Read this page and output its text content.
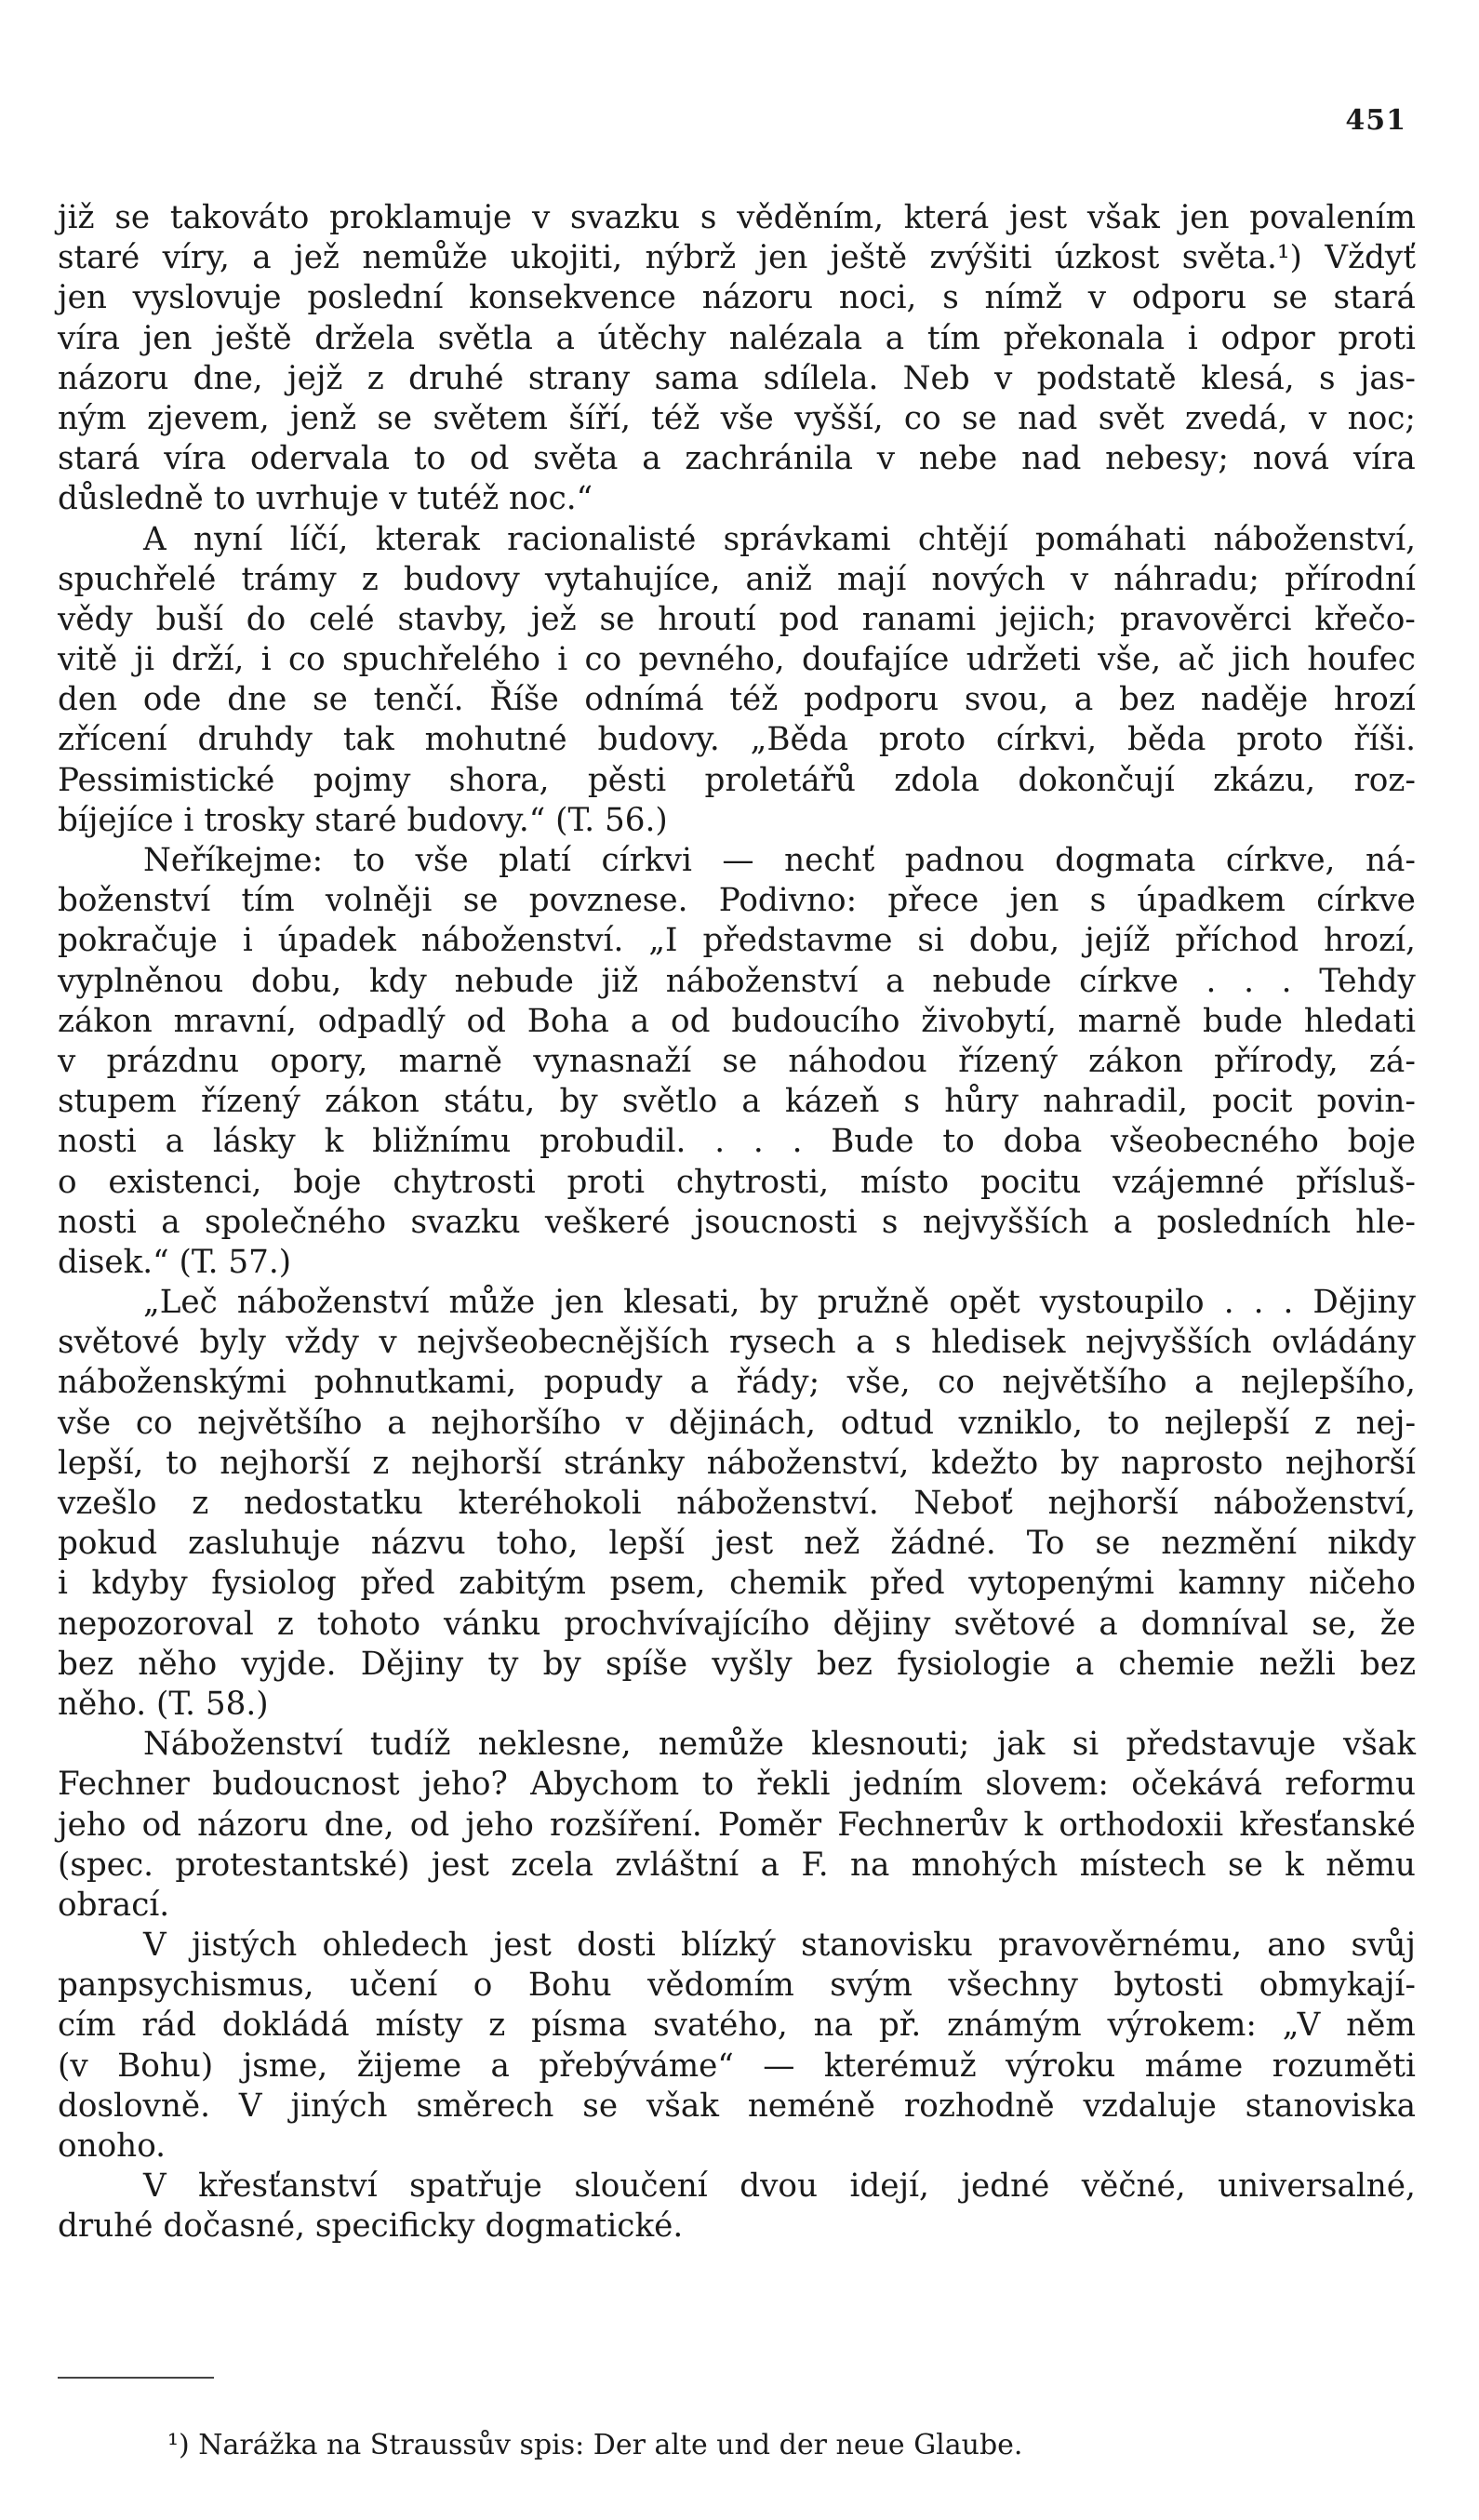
451
již se takováto proklamuje v svazku s věděním, která jest však jen povalením
staré víry, a jež nemůže ukojiti, nýbrž jen ještě zvýšiti úzkost světa.¹) Vždyť
jen vyslovuje poslední konsekvence názoru noci, s nímž v odporu se stará
víra jen ještě držela světla a útěchy nalézala a tím překonala i odpor proti
názoru dne, jejž z druhé strany sama sdílela. Neb v podstatě klesá, s jas-
ným zjevem, jenž se světem šíří, též vše vyšší, co se nad svět zvedá, v noc;
stará víra odervala to od světa a zachránila v nebe nad nebesy; nová víra
důsledně to uvrhuje v tutéž noc.“
A nyní líčí, kterak racionalisté správkami chtějí pomáhati náboženství,
spuchřelé trámy z budovy vytahujíce, aniž mají nových v náhradu; přírodní
vědy buší do celé stavby, jež se hroutí pod ranami jejich; pravověrci křečo-
vitě ji drží, i co spuchřelého i co pevného, doufajíce udržeti vše, ač jich houfec
den ode dne se tenčí. Říše odnímá též podporu svou, a bez naděje hrozí
zřícení druhdy tak mohutné budovy. „Běda proto církvi, běda proto říši.
Pessimistické pojmy shora, pěsti proletářů zdola dokončují zkázu, roz-
bíjejíce i trosky staré budovy.“ (T. 56.)
Neříkejme: to vše platí církvi — nechť padnou dogmata církve, ná-
boženství tím volněji se povznese. Podivno: přece jen s úpadkem církve
pokračuje i úpadek náboženství. „I představme si dobu, jejíž příchod hrozí,
vyplněnou dobu, kdy nebude již náboženství a nebude církve . . . Tehdy
zákon mravní, odpadlý od Boha a od budoucího živobytí, marně bude hledati
v prázdnu opory, marně vynasnaží se náhodou řízený zákon přírody, zá-
stupem řízený zákon státu, by světlo a kázeň s hůry nahradil, pocit povin-
nosti a lásky k bližnímu probudil. . . . Bude to doba všeobecného boje
o existenci, boje chytrosti proti chytrosti, místo pocitu vzájemné přísluš-
nosti a společného svazku veškeré jsoucnosti s nejvyšších a posledních hle-
disek.“ (T. 57.)
„Leč náboženství může jen klesati, by pružně opět vystoupilo . . . Dějiny
světové byly vždy v nejvšeobecnějších rysech a s hledisek nejvyšších ovládány
náboženskými pohnutkami, popudy a řády; vše, co největšího a nejlepšího,
vše co největšího a nejhoršího v dějinách, odtud vzniklo, to nejlepší z nej-
lepší, to nejhorší z nejhorší stránky náboženství, kdežto by naprosto nejhorší
vzešlo z nedostatku kteréhokoli náboženství. Neboť nejhorší náboženství,
pokud zasluhuje názvu toho, lepší jest než žádné. To se nezmění nikdy
i kdyby fysiolog před zabitým psem, chemik před vytopenými kamny ničeho
nepozoroval z tohoto vánku prochvívajícího dějiny světové a domníval se, že
bez něho vyjde. Dějiny ty by spíše vyšly bez fysiologie a chemie nežli bez
něho. (T. 58.)
Náboženství tudíž neklesne, nemůže klesnouti; jak si představuje však
Fechner budoucnost jeho? Abychom to řekli jedním slovem: očekává reformu
jeho od názoru dne, od jeho rozšíření. Poměr Fechnerův k orthodoxii křesťanské
(spec. protestantské) jest zcela zvláštní a F. na mnohých místech se k němu
obrací.
V jistých ohledech jest dosti blízký stanovisku pravověrnému, ano svůj
panpsychismus, učení o Bohu vědomím svým všechny bytosti obmykají-
cím rád dokládá místy z písma svatého, na př. známým výrokem: „V něm
(v Bohu) jsme, žijeme a přebýváme“ — kterémuž výroku máme rozuměti
doslovně. V jiných směrech se však neméně rozhodně vzdaluje stanoviska
onoho.
V křesťanství spatřuje sloučení dvou idejí, jedné věčné, universalné,
druhé dočasné, specificky dogmatické.
¹) Narážka na Straussův spis: Der alte und der neue Glaube.
